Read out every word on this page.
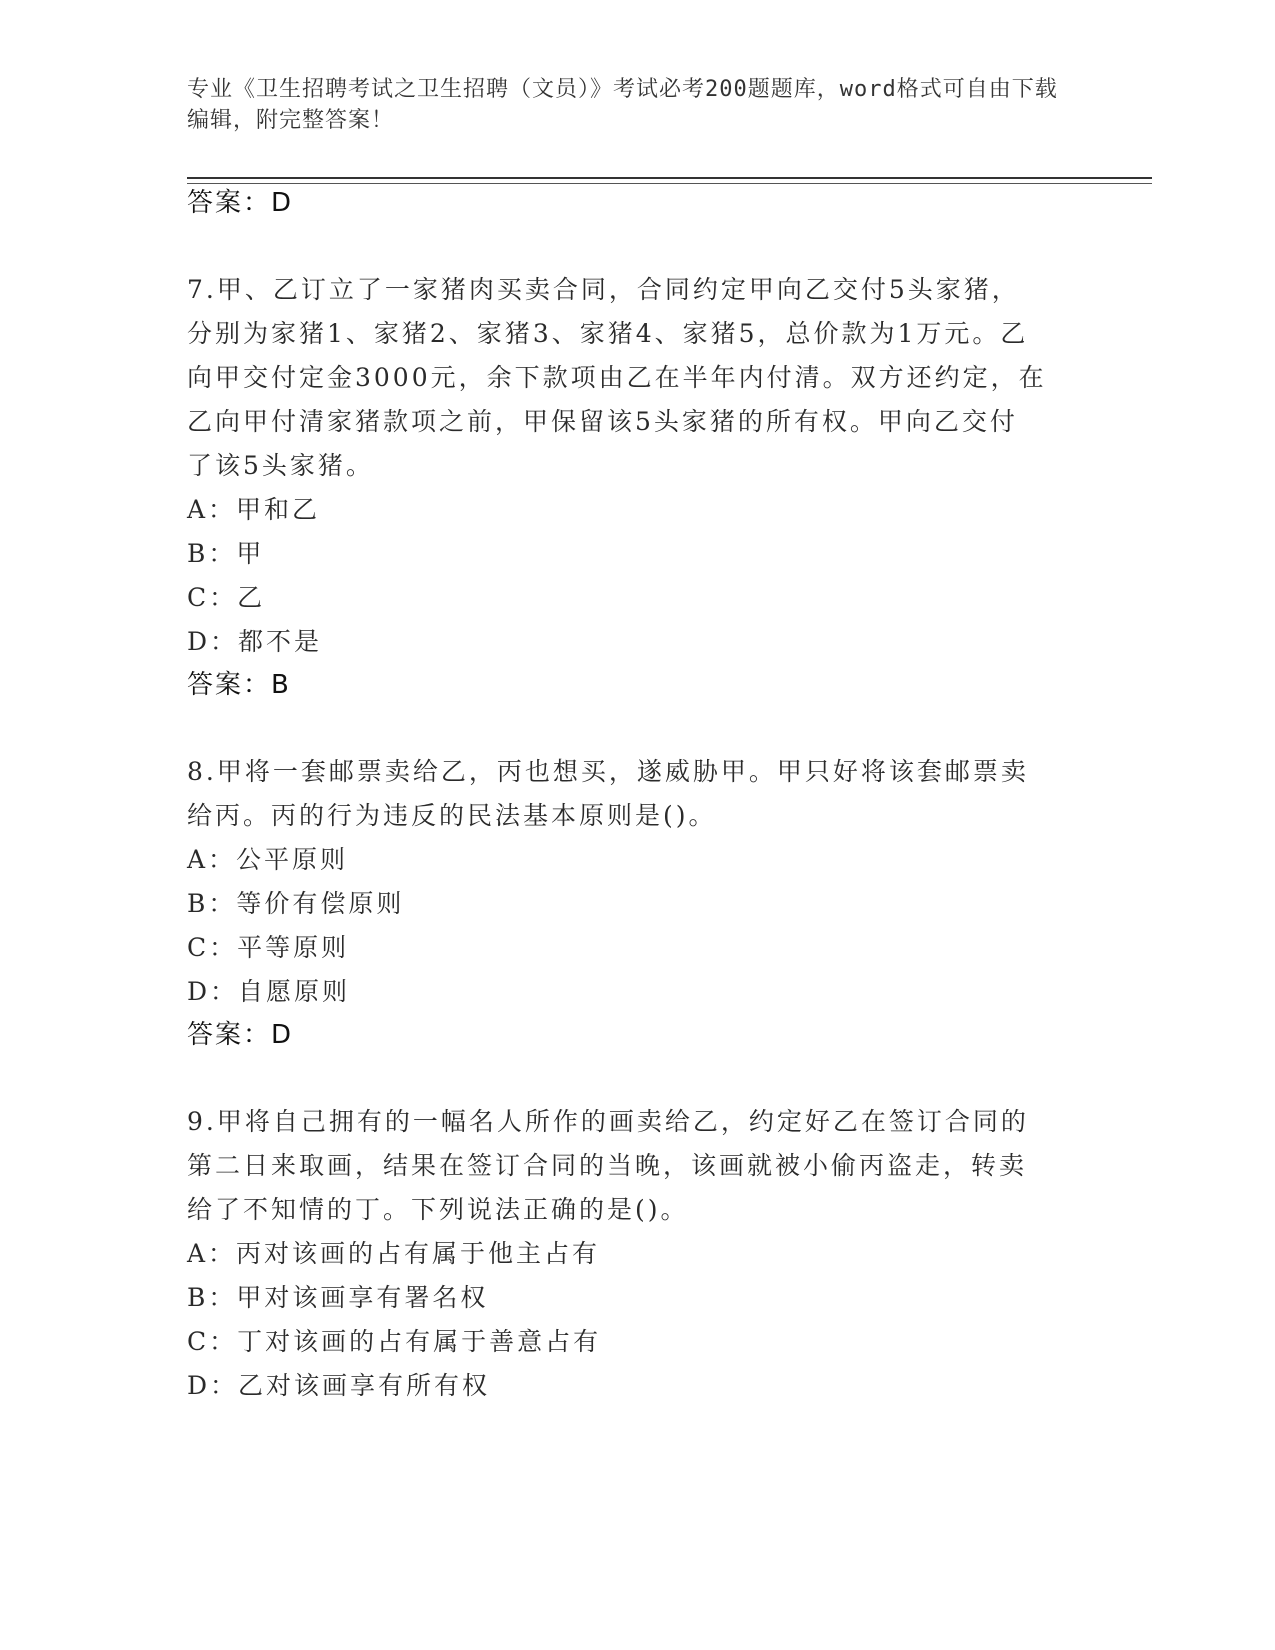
专业《卫生招聘考试之卫生招聘（文员）》考试必考200题题库，word格式可自由下载编辑，附完整答案！
答案：D
7.甲、乙订立了一家猪肉买卖合同，合同约定甲向乙交付5头家猪，
分别为家猪1、家猪2、家猪3、家猪4、家猪5，总价款为1万元。乙
向甲交付定金3000元，余下款项由乙在半年内付清。双方还约定，在
乙向甲付清家猪款项之前，甲保留该5头家猪的所有权。甲向乙交付
了该5头家猪。
A：甲和乙
B：甲
C：乙
D：都不是
答案：B
8.甲将一套邮票卖给乙，丙也想买，遂威胁甲。甲只好将该套邮票卖
给丙。丙的行为违反的民法基本原则是()。
A：公平原则
B：等价有偿原则
C：平等原则
D：自愿原则
答案：D
9.甲将自己拥有的一幅名人所作的画卖给乙，约定好乙在签订合同的
第二日来取画，结果在签订合同的当晚，该画就被小偷丙盗走，转卖
给了不知情的丁。下列说法正确的是()。
A：丙对该画的占有属于他主占有
B：甲对该画享有署名权
C：丁对该画的占有属于善意占有
D：乙对该画享有所有权
